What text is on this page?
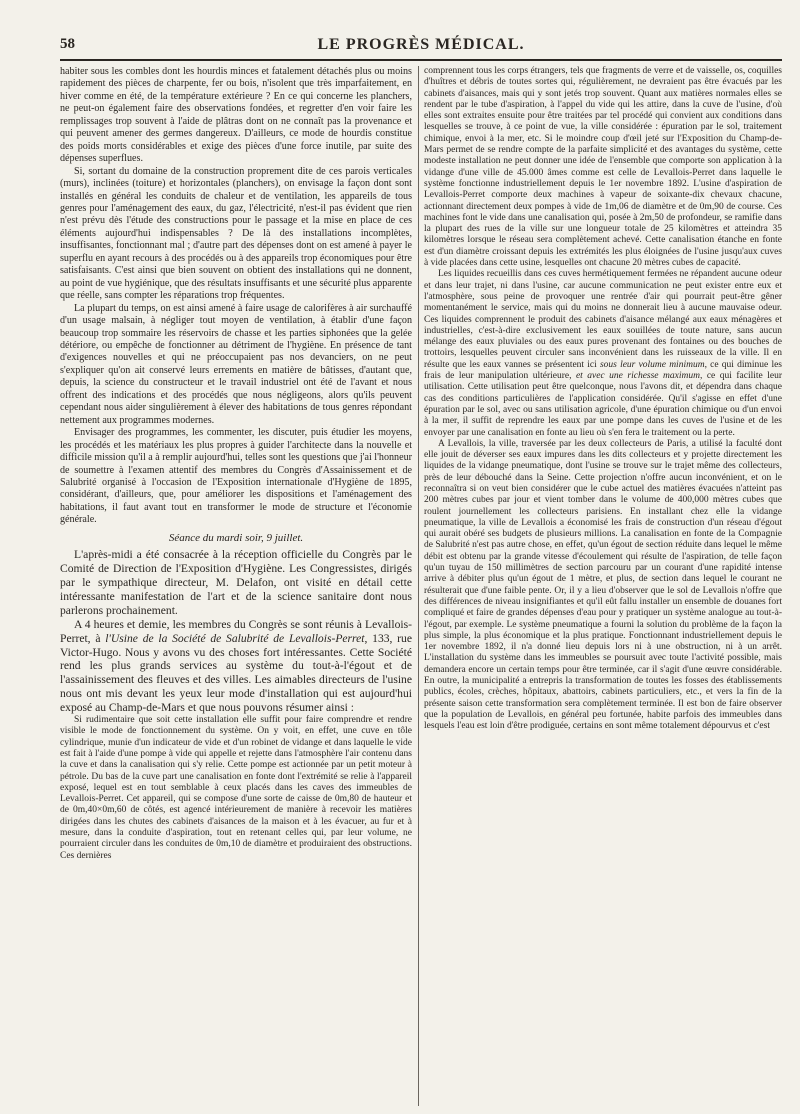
58	LE PROGRÈS MÉDICAL.

habiter sous les combles dont les hourdis minces et fatalement détachés plus ou moins rapidement des pièces de charpente, fer ou bois, n'isolent que très imparfaitement, en hiver comme en été, de la température extérieure ? En ce qui concerne les planchers, ne peut-on également faire des observations fondées, et regretter d'en voir faire les remplissages trop souvent à l'aide de plâtras dont on ne connaît pas la provenance et qui peuvent amener des germes dangereux. D'ailleurs, ce mode de hourdis constitue des poids morts considérables et exige des pièces d'une force inutile, par suite des dépenses superflues.

Si, sortant du domaine de la construction proprement dite de ces parois verticales (murs), inclinées (toiture) et horizontales (planchers), on envisage la façon dont sont installés en général les conduits de chaleur et de ventilation, les appareils de tous genres pour l'aménagement des eaux, du gaz, l'électricité, n'est-il pas évident que rien n'est prévu dès l'étude des constructions pour le passage et la mise en place de ces éléments aujourd'hui indispensables ? De là des installations incomplètes, insuffisantes, fonctionnant mal ; d'autre part des dépenses dont on est amené à payer le superflu en ayant recours à des procédés ou à des appareils trop économiques pour être satisfaisants. C'est ainsi que bien souvent on obtient des installations qui ne donnent, au point de vue hygiénique, que des résultats insuffisants et une sécurité plus apparente que réelle, sans compter les réparations trop fréquentes.

La plupart du temps, on est ainsi amené à faire usage de calorifères à air surchauffé d'un usage malsain, à négliger tout moyen de ventilation, à établir d'une façon beaucoup trop sommaire les réservoirs de chasse et les parties siphonées que la gelée détériore, ou empêche de fonctionner au détriment de l'hygiène. En présence de tant d'exigences nouvelles et qui ne préoccupaient pas nos devanciers, on ne peut s'expliquer qu'on ait conservé leurs errements en matière de bâtisses, d'autant que, depuis, la science du constructeur et le travail industriel ont été de l'avant et nous offrent des indications et des procédés que nous négligeons, alors qu'ils peuvent cependant nous aider singulièrement à élever des habitations de tous genres répondant nettement aux programmes modernes.

Envisager des programmes, les commenter, les discuter, puis étudier les moyens, les procédés et les matériaux les plus propres à guider l'architecte dans la nouvelle et difficile mission qu'il a à remplir aujourd'hui, telles sont les questions que j'ai l'honneur de soumettre à l'examen attentif des membres du Congrès d'Assainissement et de Salubrité organisé à l'occasion de l'Exposition internationale d'Hygiène de 1895, considérant, d'ailleurs, que, pour améliorer les dispositions et l'aménagement des habitations, il faut avant tout en transformer le mode de structure et l'économie générale.

Séance du mardi soir, 9 juillet.

L'après-midi a été consacrée à la réception officielle du Congrès par le Comité de Direction de l'Exposition d'Hygiène. Les Congressistes, dirigés par le sympathique directeur, M. Delafon, ont visité en détail cette intéressante manifestation de l'art et de la science sanitaire dont nous parlerons prochainement.

A 4 heures et demie, les membres du Congrès se sont réunis à Levallois-Perret, à l'Usine de la Société de Salubrité de Levallois-Perret, 133, rue Victor-Hugo. Nous y avons vu des choses fort intéressantes. Cette Société rend les plus grands services au système du tout-à-l'égout et de l'assainissement des fleuves et des villes. Les aimables directeurs de l'usine nous ont mis devant les yeux leur mode d'installation qui est aujourd'hui exposé au Champ-de-Mars et que nous pouvons résumer ainsi :

Si rudimentaire que soit cette installation elle suffit pour faire comprendre et rendre visible le mode de fonctionnement du système. On y voit, en effet, une cuve en tôle cylindrique, munie d'un indicateur de vide et d'un robinet de vidange et dans laquelle le vide est fait à l'aide d'une pompe à vide qui appelle et rejette dans l'atmosphère l'air contenu dans la cuve et dans la canalisation qui s'y relie. Cette pompe est actionnée par un petit moteur à pétrole. Du bas de la cuve part une canalisation en fonte dont l'extrémité se relie à l'appareil exposé, lequel est en tout semblable à ceux placés dans les caves des immeubles de Levallois-Perret. Cet appareil, qui se compose d'une sorte de caisse de 0m,80 de hauteur et de 0m,40×0m,60 de côtés, est agencé intérieurement de manière à recevoir les matières dirigées dans les chutes des cabinets d'aisances de la maison et à les évacuer, au fur et à mesure, dans la conduite d'aspiration, tout en retenant celles qui, par leur volume, ne pourraient circuler dans les conduites de 0m,10 de diamètre et produiraient des obstructions. Ces dernières

comprennent tous les corps étrangers, tels que fragments de verre et de vaisselle, os, coquilles d'huîtres et débris de toutes sortes qui, régulièrement, ne devraient pas être évacués par les cabinets d'aisances, mais qui y sont jetés trop souvent. Quant aux matières normales elles se rendent par le tube d'aspiration, à l'appel du vide qui les attire, dans la cuve de l'usine, d'où elles sont extraites ensuite pour être traitées par tel procédé qui convient aux conditions dans lesquelles se trouve, à ce point de vue, la ville considérée : épuration par le sol, traitement chimique, envoi à la mer, etc. Si le moindre coup d'œil jeté sur l'Exposition du Champ-de-Mars permet de se rendre compte de la parfaite simplicité et des avantages du système, cette modeste installation ne peut donner une idée de l'ensemble que comporte son application à la vidange d'une ville de 45.000 âmes comme est celle de Levallois-Perret dans laquelle le système fonctionne industriellement depuis le 1er novembre 1892. L'usine d'aspiration de Levallois-Perret comporte deux machines à vapeur de soixante-dix chevaux chacune, actionnant directement deux pompes à vide de 1m,06 de diamètre et de 0m,90 de course. Ces machines font le vide dans une canalisation qui, posée à 2m,50 de profondeur, se ramifie dans la plupart des rues de la ville sur une longueur totale de 25 kilomètres et atteindra 35 kilomètres lorsque le réseau sera complètement achevé. Cette canalisation étanche en fonte est d'un diamètre croissant depuis les extrémités les plus éloignées de l'usine jusqu'aux cuves à vide placées dans cette usine, lesquelles ont chacune 20 mètres cubes de capacité.

Les liquides recueillis dans ces cuves hermétiquement fermées ne répandent aucune odeur et dans leur trajet, ni dans l'usine, car aucune communication ne peut exister entre eux et l'atmosphère, sous peine de provoquer une rentrée d'air qui pourrait peut-être gêner momentanément le service, mais qui du moins ne donnerait lieu à aucune mauvaise odeur. Ces liquides comprennent le produit des cabinets d'aisance mélangé aux eaux ménagères et industrielles, c'est-à-dire exclusivement les eaux souillées de toute nature, sans aucun mélange des eaux pluviales ou des eaux pures provenant des fontaines ou des bouches de trottoirs, lesquelles peuvent circuler sans inconvénient dans les ruisseaux de la ville. Il en résulte que les eaux vannes se présentent ici sous leur volume minimum, ce qui diminue les frais de leur manipulation ultérieure, et avec une richesse maximum, ce qui facilite leur utilisation. Cette utilisation peut être quelconque, nous l'avons dit, et dépendra dans chaque cas des conditions particulières de l'application considérée. Qu'il s'agisse en effet d'une épuration par le sol, avec ou sans utilisation agricole, d'une épuration chimique ou d'un envoi à la mer, il suffit de reprendre les eaux par une pompe dans les cuves de l'usine et de les envoyer par une canalisation en fonte au lieu où s'en fera le traitement ou la perte.

A Levallois, la ville, traversée par les deux collecteurs de Paris, a utilisé la faculté dont elle jouit de déverser ses eaux impures dans les dits collecteurs et y projette directement les liquides de la vidange pneumatique, dont l'usine se trouve sur le trajet même des collecteurs, près de leur débouché dans la Seine. Cette projection n'offre aucun inconvénient, et on le reconnaîtra si on veut bien considérer que le cube actuel des matières évacuées n'atteint pas 200 mètres cubes par jour et vient tomber dans le volume de 400,000 mètres cubes que roulent journellement les collecteurs parisiens. En installant chez elle la vidange pneumatique, la ville de Levallois a économisé les frais de construction d'un réseau d'égout qui aurait obéré ses budgets de plusieurs millions. La canalisation en fonte de la Compagnie de Salubrité n'est pas autre chose, en effet, qu'un égout de section réduite dans lequel le même débit est obtenu par la grande vitesse d'écoulement qui résulte de l'aspiration, de telle façon qu'un tuyau de 150 millimètres de section parcouru par un courant d'une rapidité intense arrive à débiter plus qu'un égout de 1 mètre, et plus, de section dans lequel le courant ne résulterait que d'une faible pente. Or, il y a lieu d'observer que le sol de Levallois n'offre que des différences de niveau insignifiantes et qu'il eût fallu installer un ensemble de douanes fort compliqué et faire de grandes dépenses d'eau pour y pratiquer un système analogue au tout-à-l'égout, par exemple. Le système pneumatique a fourni la solution du problème de la façon la plus simple, la plus économique et la plus pratique. Fonctionnant industriellement depuis le 1er novembre 1892, il n'a donné lieu depuis lors ni à une obstruction, ni à un arrêt. L'installation du système dans les immeubles se poursuit avec toute l'activité possible, mais demandera encore un certain temps pour être terminée, car il s'agit d'une œuvre considérable. En outre, la municipalité a entrepris la transformation de toutes les fosses des établissements publics, écoles, crèches, hôpitaux, abattoirs, cabinets particuliers, etc., et vers la fin de la présente saison cette transformation sera complètement terminée. Il est bon de faire observer que la population de Levallois, en général peu fortunée, habite parfois des immeubles dans lesquels l'eau est loin d'être prodiguée, certains en sont même totalement dépourvus et c'est
